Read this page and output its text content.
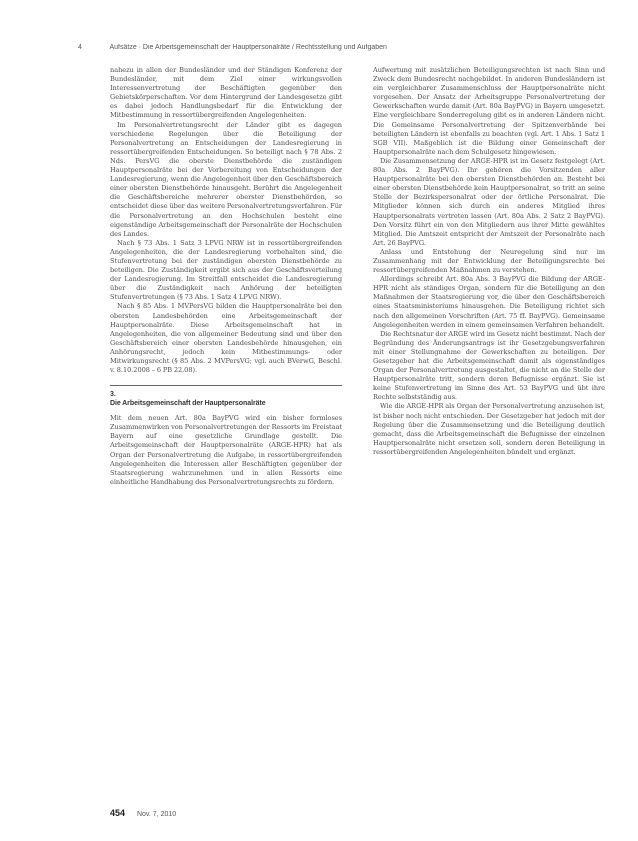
4	Aufsätze · Die Arbeitsgemeinschaft der Hauptpersonalräte / Rechtsstellung und Aufgaben

nahezu in allen der Bundesländer und der Ständigen Konferenz der Bundesländer, mit dem Ziel einer wirkungsvollen Interessenvertretung der Beschäftigten gegenüber den Gebietskörperschaften. Vor dem Hintergrund der Landesgesetze gibt es dabei jedoch Handlungsbedarf für die Entwicklung der Mitbestimmung in ressortübergreifenden Angelegenheiten.

Im Personalvertretungsrecht der Länder gibt es dagegen verschiedene Regelungen über die Beteiligung der Personalvertretung an Entscheidungen der Landesregierung in ressortübergreifenden Entscheidungen. So beteiligt nach § 78 Abs. 2 Nds. PersVG die oberste Dienstbehörde die zuständigen Hauptpersonalräte bei der Vorbereitung von Entscheidungen der Landesregierung, wenn die Angelegenheit über den Geschäftsbereich einer obersten Dienstbehörde hinausgeht. Berührt die Angelegenheit die Geschäftsbereiche mehrerer oberster Dienstbehörden, so entscheidet diese über das weitere Personalvertretungsverfahren. Für die Personalvertretung an den Hochschulen besteht eine eigenständige Arbeitsgemeinschaft der Personalräte der Hochschulen des Landes.

Nach § 73 Abs. 1 Satz 3 LPVG NRW ist in ressortübergreifenden Angelegenheiten, die der Landesregierung vorbehalten sind, die Stufenvertretung bei der zuständigen obersten Dienstbehörde zu beteiligen. Die Zuständigkeit ergibt sich aus der Geschäftsverteilung der Landesregierung. Im Streitfall entscheidet die Landesregierung über die Zuständigkeit nach Anhörung der beteiligten Stufenvertretungen (§ 73 Abs. 1 Satz 4 LPVG NRW).

Nach § 85 Abs. 1 MVPersVG bilden die Hauptpersonalräte bei den obersten Landesbehörden eine Arbeitsgemeinschaft der Hauptpersonalräte. Diese Arbeitsgemeinschaft hat in Angelegenheiten, die von allgemeiner Bedeutung sind und über den Geschäftsbereich einer obersten Landesbehörde hinausgehen, ein Anhörungsrecht, jedoch kein Mitbestimmungs- oder Mitwirkungsrecht (§ 85 Abs. 2 MVPersVG; vgl. auch BVerwG, Beschl. v. 8.10.2008 – 6 PB 22.08).

3.
Die Arbeitsgemeinschaft der Hauptpersonalräte

Mit dem neuen Art. 80a BayPVG wird ein bisher formloses Zusammenwirken von Personalvertretungen der Ressorts im Freistaat Bayern auf eine gesetzliche Grundlage gestellt. Die Arbeitsgemeinschaft der Hauptpersonalräte (ARGE-HPR) hat als Organ der Personalvertretung die Aufgabe, in ressortübergreifenden Angelegenheiten die Interessen aller Beschäftigten gegenüber der Staatsregierung wahrzunehmen und in allen Ressorts eine einheitliche Handhabung des Personalvertretungsrechts zu fördern.

Aufwertung mit zusätzlichen Beteiligungsrechten ist nach Sinn und Zweck dem Bundesrecht nachgebildet. In anderen Bundesländern ist ein vergleichbarer Zusammenschluss der Hauptpersonalräte nicht vorgesehen. Der Ansatz der Arbeitsgruppe Personalvertretung der Gewerkschaften wurde damit (Art. 80a BayPVG) in Bayern umgesetzt. Eine vergleichbare Sonderregelung gibt es in anderen Ländern nicht. Die Gemeinsame Personalvertretung der Spitzenverbände bei beteiligten Ländern ist ebenfalls zu beachten (vgl. Art. 1 Abs. 1 Satz 1 SGB VII). Maßgeblich ist die Bildung einer Gemeinschaft der Hauptpersonalräte nach dem Schulgesetz hingewiesen.

Die Zusammensetzung der ARGE-HPR ist im Gesetz festgelegt (Art. 80a Abs. 2 BayPVG). Ihr gehören die Vorsitzenden aller Hauptpersonalräte bei den obersten Dienstbehörden an. Besteht bei einer obersten Dienstbehörde kein Hauptpersonalrat, so tritt an seine Stelle der Bezirkspersonalrat oder der örtliche Personalrat. Die Mitglieder können sich durch ein anderes Mitglied ihres Hauptpersonalrats vertreten lassen (Art. 80a Abs. 2 Satz 2 BayPVG). Den Vorsitz führt ein von den Mitgliedern aus ihrer Mitte gewähltes Mitglied. Die Amtszeit entspricht der Amtszeit der Personalräte nach Art. 26 BayPVG.

Anlass und Entstehung der Neuregelung sind nur im Zusammenhang mit der Entwicklung der Beteiligungsrechte bei ressortübergreifenden Maßnahmen zu verstehen.

Allerdings schreibt Art. 80a Abs. 3 BayPVG die Bildung der ARGE-HPR nicht als ständiges Organ, sondern für die Beteiligung an den Maßnahmen der Staatsregierung vor, die über den Geschäftsbereich eines Staatsministeriums hinausgehen. Die Beteiligung richtet sich nach den allgemeinen Vorschriften (Art. 75 ff. BayPVG). Gemeinsame Angelegenheiten werden in einem gemeinsamen Verfahren behandelt.

Die Rechtsnatur der ARGE wird im Gesetz nicht bestimmt. Nach der Begründung des Änderungsantrags ist ihr Gesetzgebungsverfahren mit einer Stellungnahme der Gewerkschaften zu beteiligen. Der Gesetzgeber hat die Arbeitsgemeinschaft damit als eigenständiges Organ der Personalvertretung ausgestaltet, die nicht an die Stelle der Hauptpersonalräte tritt, sondern deren Befugnisse ergänzt. Sie ist keine Stufenvertretung im Sinne des Art. 53 BayPVG und übt ihre Rechte selbstständig aus.

Wie die ARGE-HPR als Organ der Personalvertretung anzusehen ist, ist bisher noch nicht entschieden. Der Gesetzgeber hat jedoch mit der Regelung über die Zusammensetzung und die Beteiligung deutlich gemacht, dass die Arbeitsgemeinschaft die Befugnisse der einzelnen Hauptpersonalräte nicht ersetzen soll, sondern deren Beteiligung in ressortübergreifenden Angelegenheiten bündelt und ergänzt.

454 Nov. 7, 2010
